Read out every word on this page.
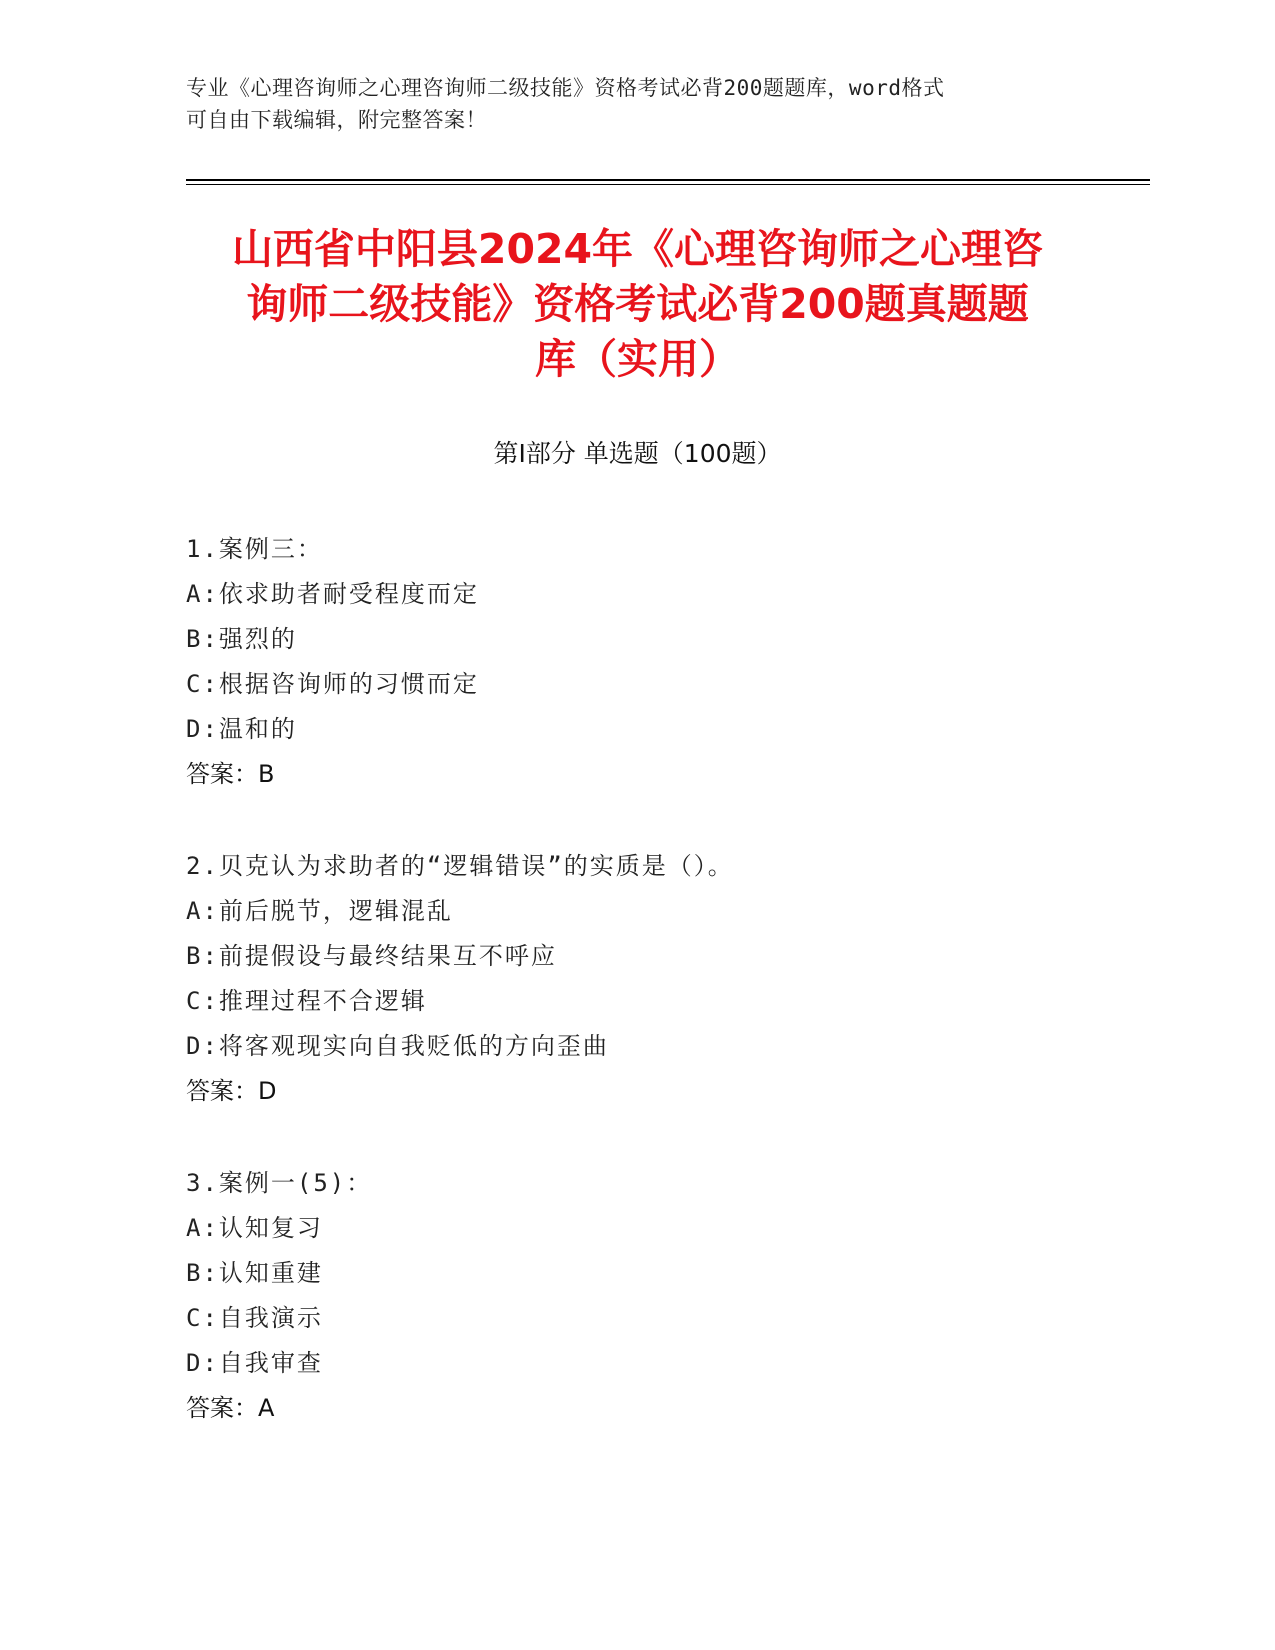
专业《心理咨询师之心理咨询师二级技能》资格考试必背200题题库，word格式
可自由下载编辑，附完整答案！
山西省中阳县2024年《心理咨询师之心理咨
询师二级技能》资格考试必背200题真题题
库（实用）
第Ⅰ部分 单选题（100题）
1.案例三：
A:依求助者耐受程度而定
B:强烈的
C:根据咨询师的习惯而定
D:温和的
答案：B
2.贝克认为求助者的“逻辑错误”的实质是（）。
A:前后脱节，逻辑混乱
B:前提假设与最终结果互不呼应
C:推理过程不合逻辑
D:将客观现实向自我贬低的方向歪曲
答案：D
3.案例一(5)：
A:认知复习
B:认知重建
C:自我演示
D:自我审查
答案：A
